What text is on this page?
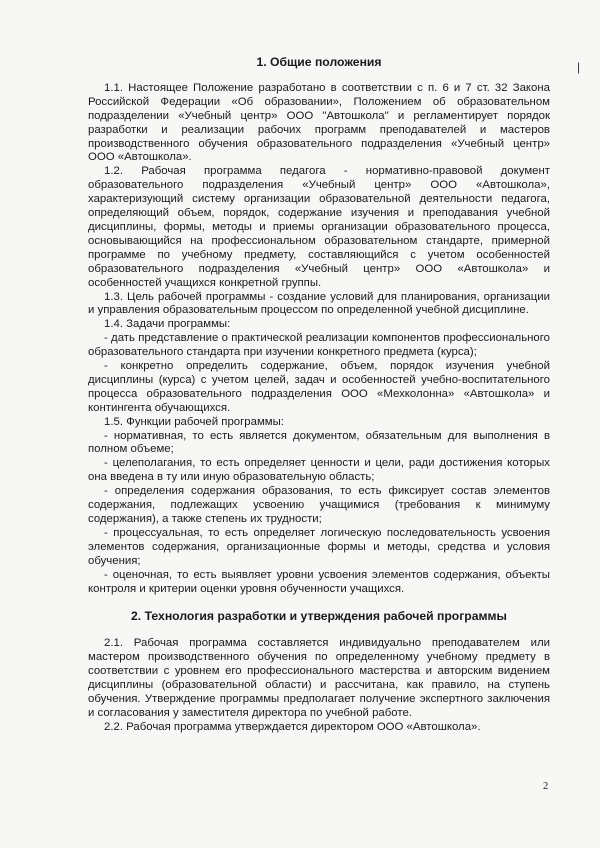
|
1. Общие положения

1.1. Настоящее Положение разработано в соответствии с п. 6 и 7 ст. 32 Закона Российской Федерации «Об образовании», Положением об образовательном подразделении «Учебный центр» ООО "Автошкола" и регламентирует порядок разработки и реализации рабочих программ преподавателей и мастеров производственного обучения образовательного подразделения «Учебный центр» ООО «Автошкола».

1.2. Рабочая программа педагога - нормативно-правовой документ образовательного подразделения «Учебный центр» ООО «Автошкола», характеризующий систему организации образовательной деятельности педагога, определяющий объем, порядок, содержание изучения и преподавания учебной дисциплины, формы, методы и приемы организации образовательного процесса, основывающийся на профессиональном образовательном стандарте, примерной программе по учебному предмету, составляющийся с учетом особенностей образовательного подразделения «Учебный центр» ООО «Автошкола» и особенностей учащихся конкретной группы.

1.3. Цель рабочей программы - создание условий для планирования, организации и управления образовательным процессом по определенной учебной дисциплине.

1.4. Задачи программы:

- дать представление о практической реализации компонентов профессионального образовательного стандарта при изучении конкретного предмета (курса);

- конкретно определить содержание, объем, порядок изучения учебной дисциплины (курса) с учетом целей, задач и особенностей учебно-воспитательного процесса образовательного подразделения ООО «Мехколонна» «Автошкола» и контингента обучающихся.

1.5. Функции рабочей программы:

- нормативная, то есть является документом, обязательным для выполнения в полном объеме;

- целеполагания, то есть определяет ценности и цели, ради достижения которых она введена в ту или иную образовательную область;

- определения содержания образования, то есть фиксирует состав элементов содержания, подлежащих усвоению учащимися (требования к минимуму содержания), а также степень их трудности;

- процессуальная, то есть определяет логическую последовательность усвоения элементов содержания, организационные формы и методы, средства и условия обучения;

- оценочная, то есть выявляет уровни усвоения элементов содержания, объекты контроля и критерии оценки уровня обученности учащихся.

2. Технология разработки и утверждения рабочей программы

2.1. Рабочая программа составляется индивидуально преподавателем или мастером производственного обучения по определенному учебному предмету в соответствии с уровнем его профессионального мастерства и авторским видением дисциплины (образовательной области) и рассчитана, как правило, на ступень обучения. Утверждение программы предполагает получение экспертного заключения и согласования у заместителя директора по учебной работе.

2.2. Рабочая программа утверждается директором ООО «Автошкола».

2
